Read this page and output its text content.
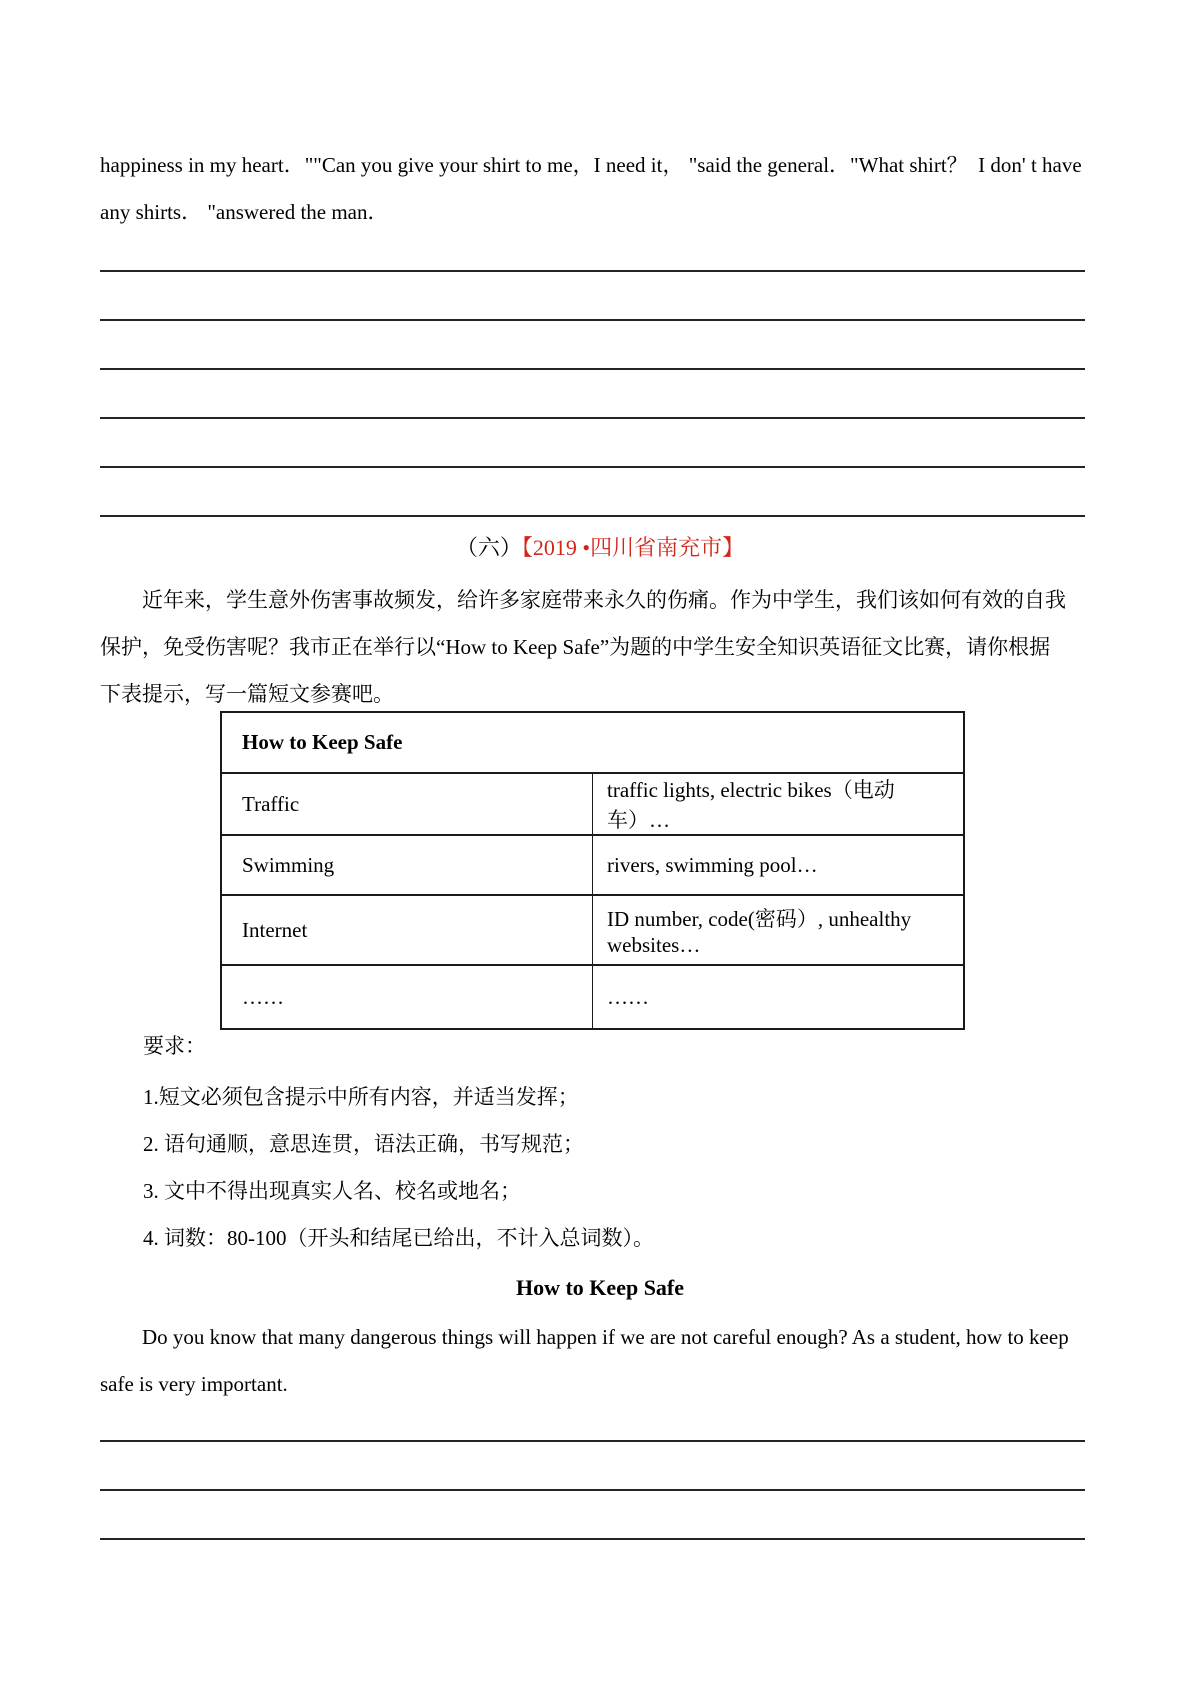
happiness in my heart．""Can you give your shirt to me，I need it， "said the general．"What shirt？  I don' t have
any shirts． "answered the man．
（六）【2019 •四川省南充市】
近年来，学生意外伤害事故频发，给许多家庭带来永久的伤痛。作为中学生，我们该如何有效的自我
保护，免受伤害呢？我市正在举行以“How to Keep Safe”为题的中学生安全知识英语征文比赛，请你根据
下表提示，写一篇短文参赛吧。
How to Keep Safe	
Traffic	traffic lights, electric bikes（电动车）…
Swimming	rivers, swimming pool…
Internet	ID number, code(密码）, unhealthy websites…
……	……
要求：
1.短文必须包含提示中所有内容，并适当发挥；
2. 语句通顺，意思连贯，语法正确，书写规范；
3. 文中不得出现真实人名、校名或地名；
4. 词数：80-100（开头和结尾已给出，不计入总词数）。
How to Keep Safe
Do you know that many dangerous things will happen if we are not careful enough? As a student, how to keep
safe is very important.
